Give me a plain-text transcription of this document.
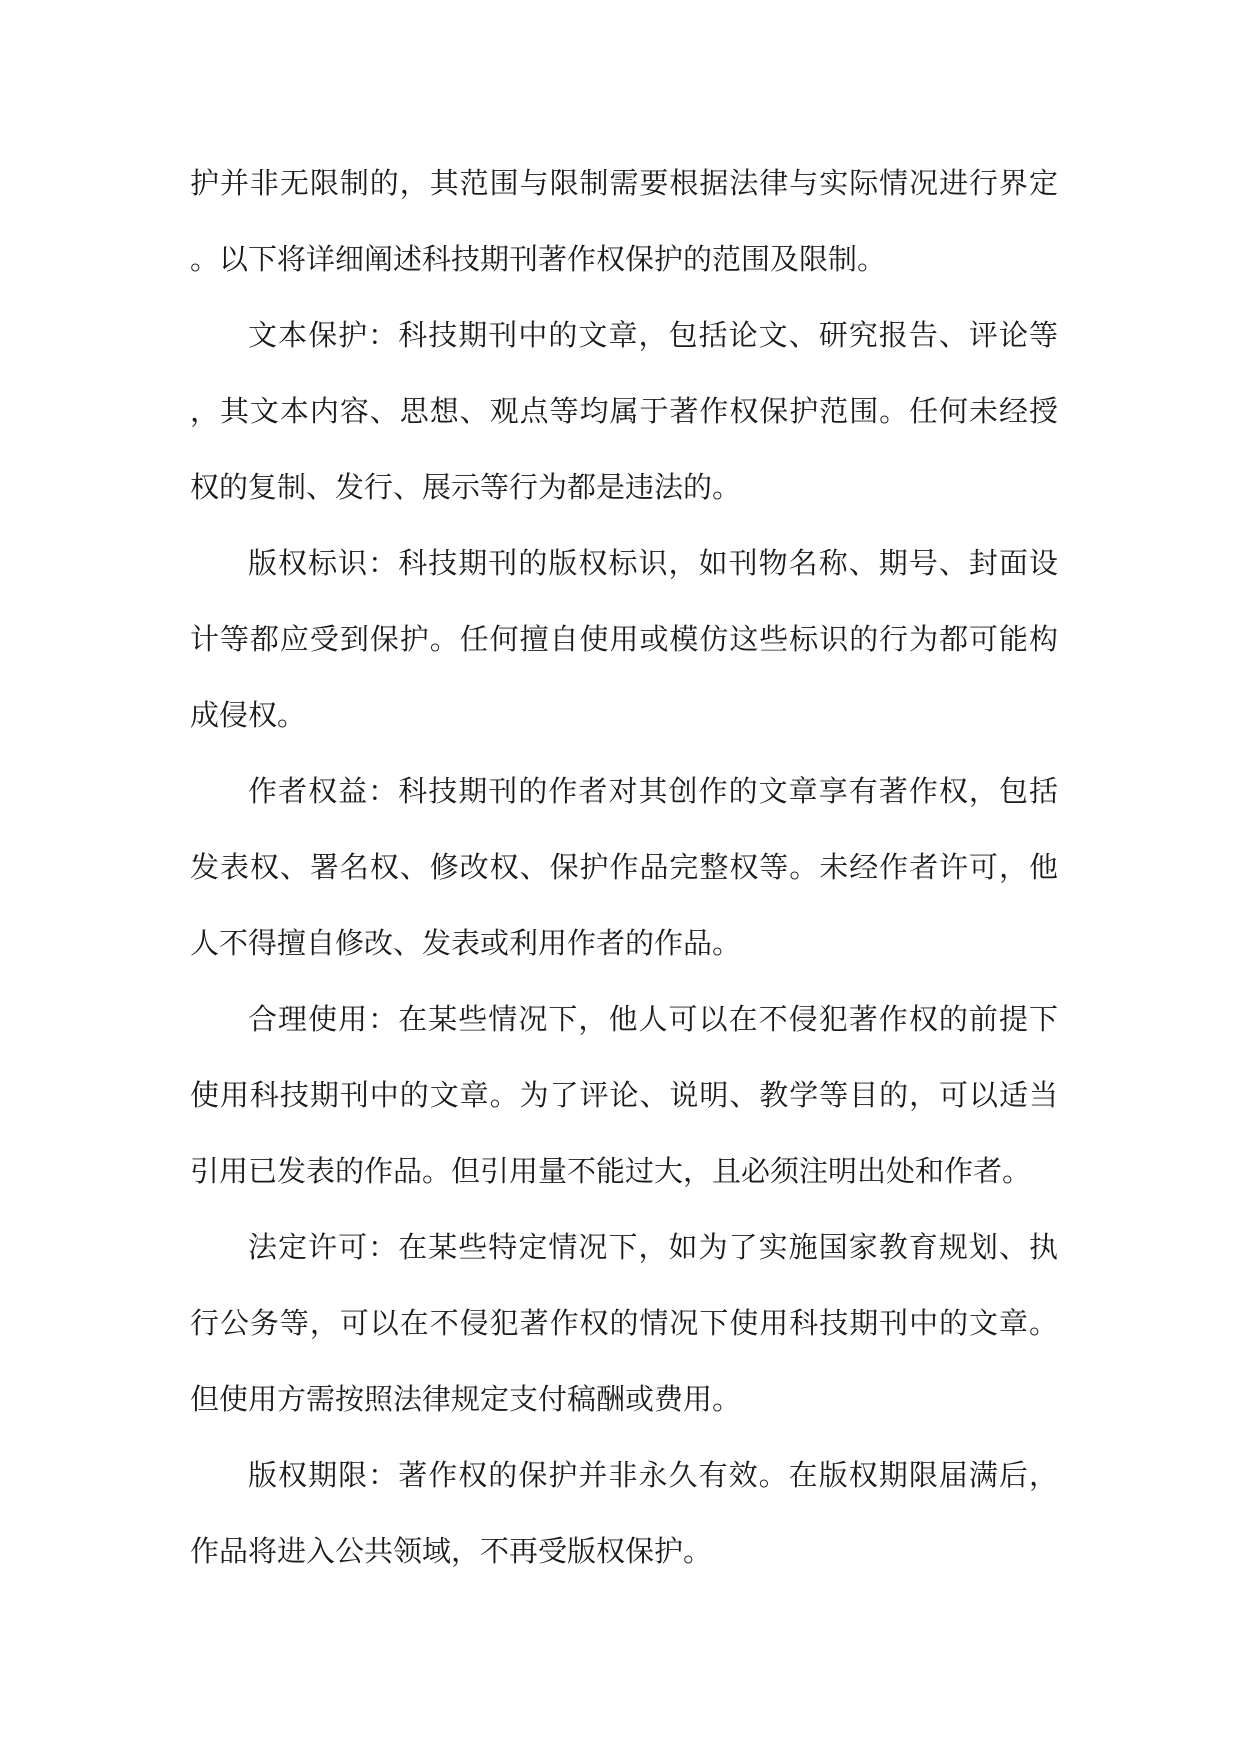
护并非无限制的，其范围与限制需要根据法律与实际情况进行界定。以下将详细阐述科技期刊著作权保护的范围及限制。

文本保护：科技期刊中的文章，包括论文、研究报告、评论等，其文本内容、思想、观点等均属于著作权保护范围。任何未经授权的复制、发行、展示等行为都是违法的。

版权标识：科技期刊的版权标识，如刊物名称、期号、封面设计等都应受到保护。任何擅自使用或模仿这些标识的行为都可能构成侵权。

作者权益：科技期刊的作者对其创作的文章享有著作权，包括发表权、署名权、修改权、保护作品完整权等。未经作者许可，他人不得擅自修改、发表或利用作者的作品。

合理使用：在某些情况下，他人可以在不侵犯著作权的前提下使用科技期刊中的文章。为了评论、说明、教学等目的，可以适当引用已发表的作品。但引用量不能过大，且必须注明出处和作者。

法定许可：在某些特定情况下，如为了实施国家教育规划、执行公务等，可以在不侵犯著作权的情况下使用科技期刊中的文章。但使用方需按照法律规定支付稿酬或费用。

版权期限：著作权的保护并非永久有效。在版权期限届满后，作品将进入公共领域，不再受版权保护。
